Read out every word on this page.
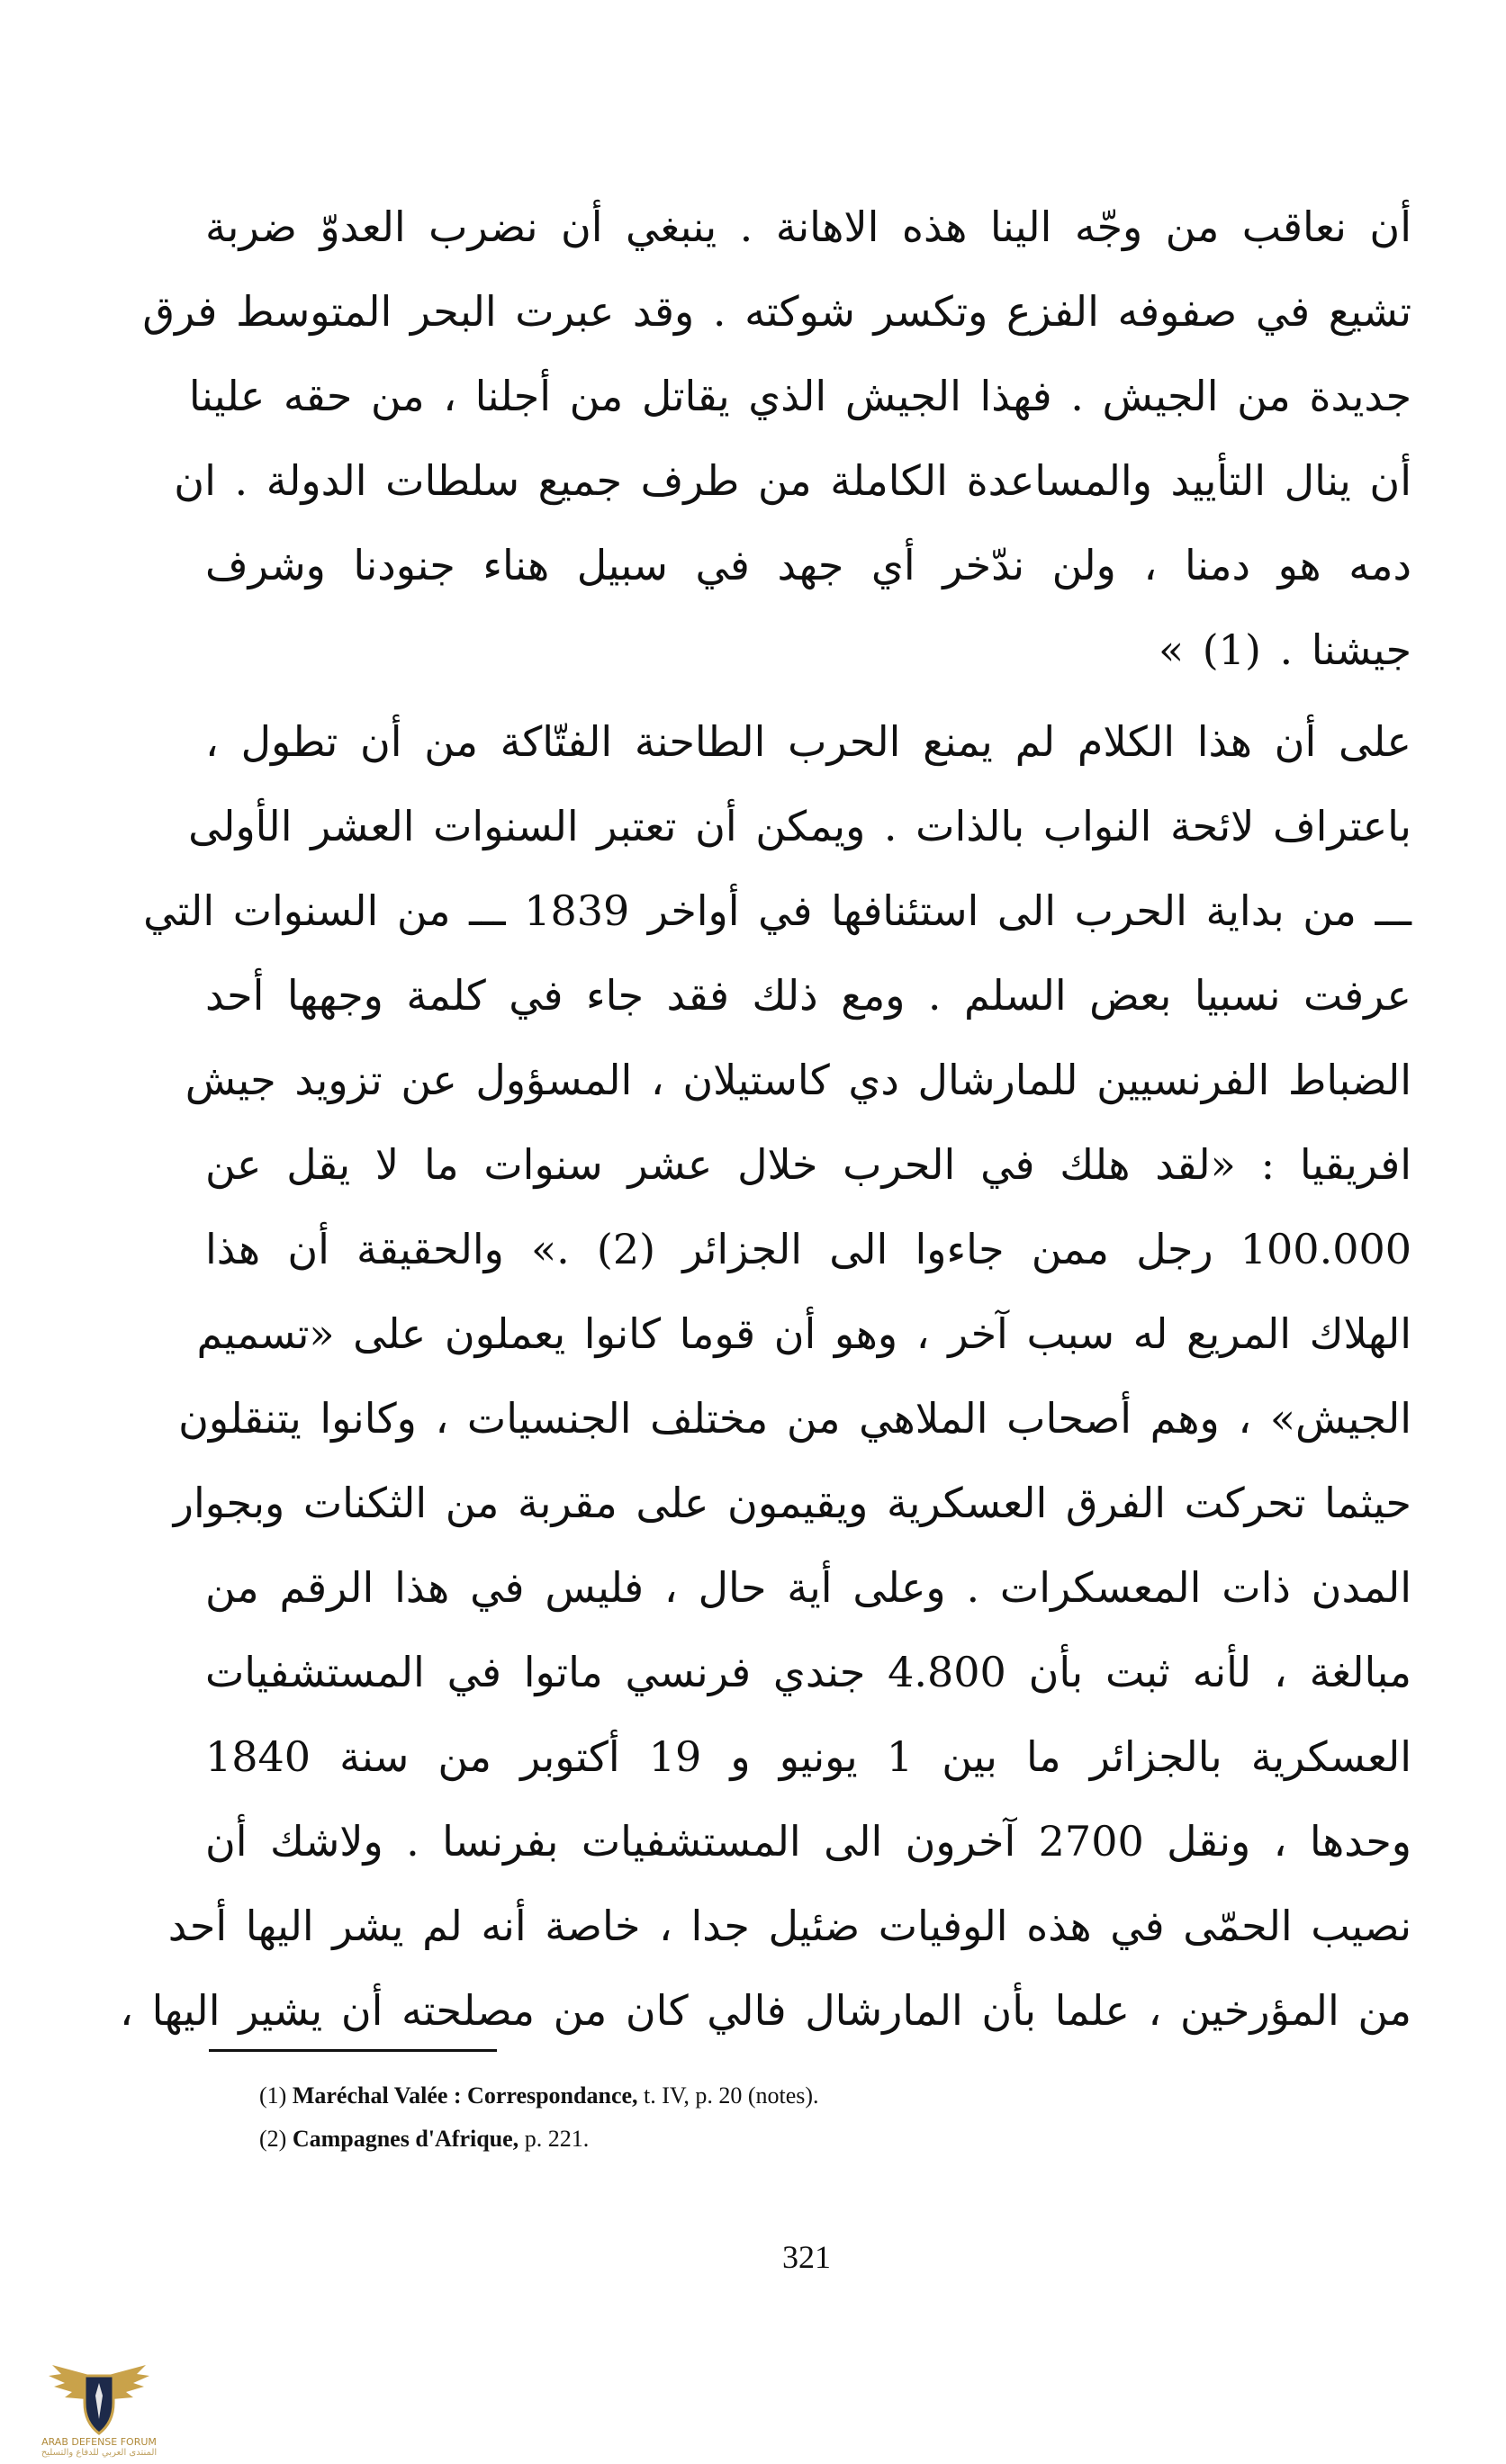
أن نعاقب من وجّه الينا هذه الاهانة . ينبغي أن نضرب العدوّ ضربة
تشيع في صفوفه الفزع وتكسر شوكته . وقد عبرت البحر المتوسط فرق
جديدة من الجيش . فهذا الجيش الذي يقاتل من أجلنا ، من حقه علينا
أن ينال التأييد والمساعدة الكاملة من طرف جميع سلطات الدولة . ان
دمه هو دمنا ، ولن ندّخر أي جهد في سبيل هناء جنودنا وشرف
جيشنا . (1) »
على أن هذا الكلام لم يمنع الحرب الطاحنة الفتّاكة من أن تطول ،
باعتراف لائحة النواب بالذات . ويمكن أن تعتبر السنوات العشر الأولى
ـــ من بداية الحرب الى استئنافها في أواخر 1839 ـــ من السنوات التي
عرفت نسبيا بعض السلم . ومع ذلك فقد جاء في كلمة وجهها أحد
الضباط الفرنسيين للمارشال دي كاستيلان ، المسؤول عن تزويد جيش
افريقيا : «لقد هلك في الحرب خلال عشر سنوات ما لا يقل عن
100.000 رجل ممن جاءوا الى الجزائر (2) .» والحقيقة أن هذا
الهلاك المريع له سبب آخر ، وهو أن قوما كانوا يعملون على «تسميم
الجيش» ، وهم أصحاب الملاهي من مختلف الجنسيات ، وكانوا يتنقلون
حيثما تحركت الفرق العسكرية ويقيمون على مقربة من الثكنات وبجوار
المدن ذات المعسكرات . وعلى أية حال ، فليس في هذا الرقم من
مبالغة ، لأنه ثبت بأن 4.800 جندي فرنسي ماتوا في المستشفيات
العسكرية بالجزائر ما بين 1 يونيو و 19 أكتوبر من سنة 1840
وحدها ، ونقل 2700 آخرون الى المستشفيات بفرنسا . ولاشك أن
نصيب الحمّى في هذه الوفيات ضئيل جدا ، خاصة أنه لم يشر اليها أحد
من المؤرخين ، علما بأن المارشال فالي كان من مصلحته أن يشير اليها ،
(1) Maréchal Valée : Correspondance, t. IV, p. 20 (notes).
(2) Campagnes d'Afrique, p. 221.
321
ARAB DEFENSE FORUM
المنتدى العربي للدفاع والتسليح
